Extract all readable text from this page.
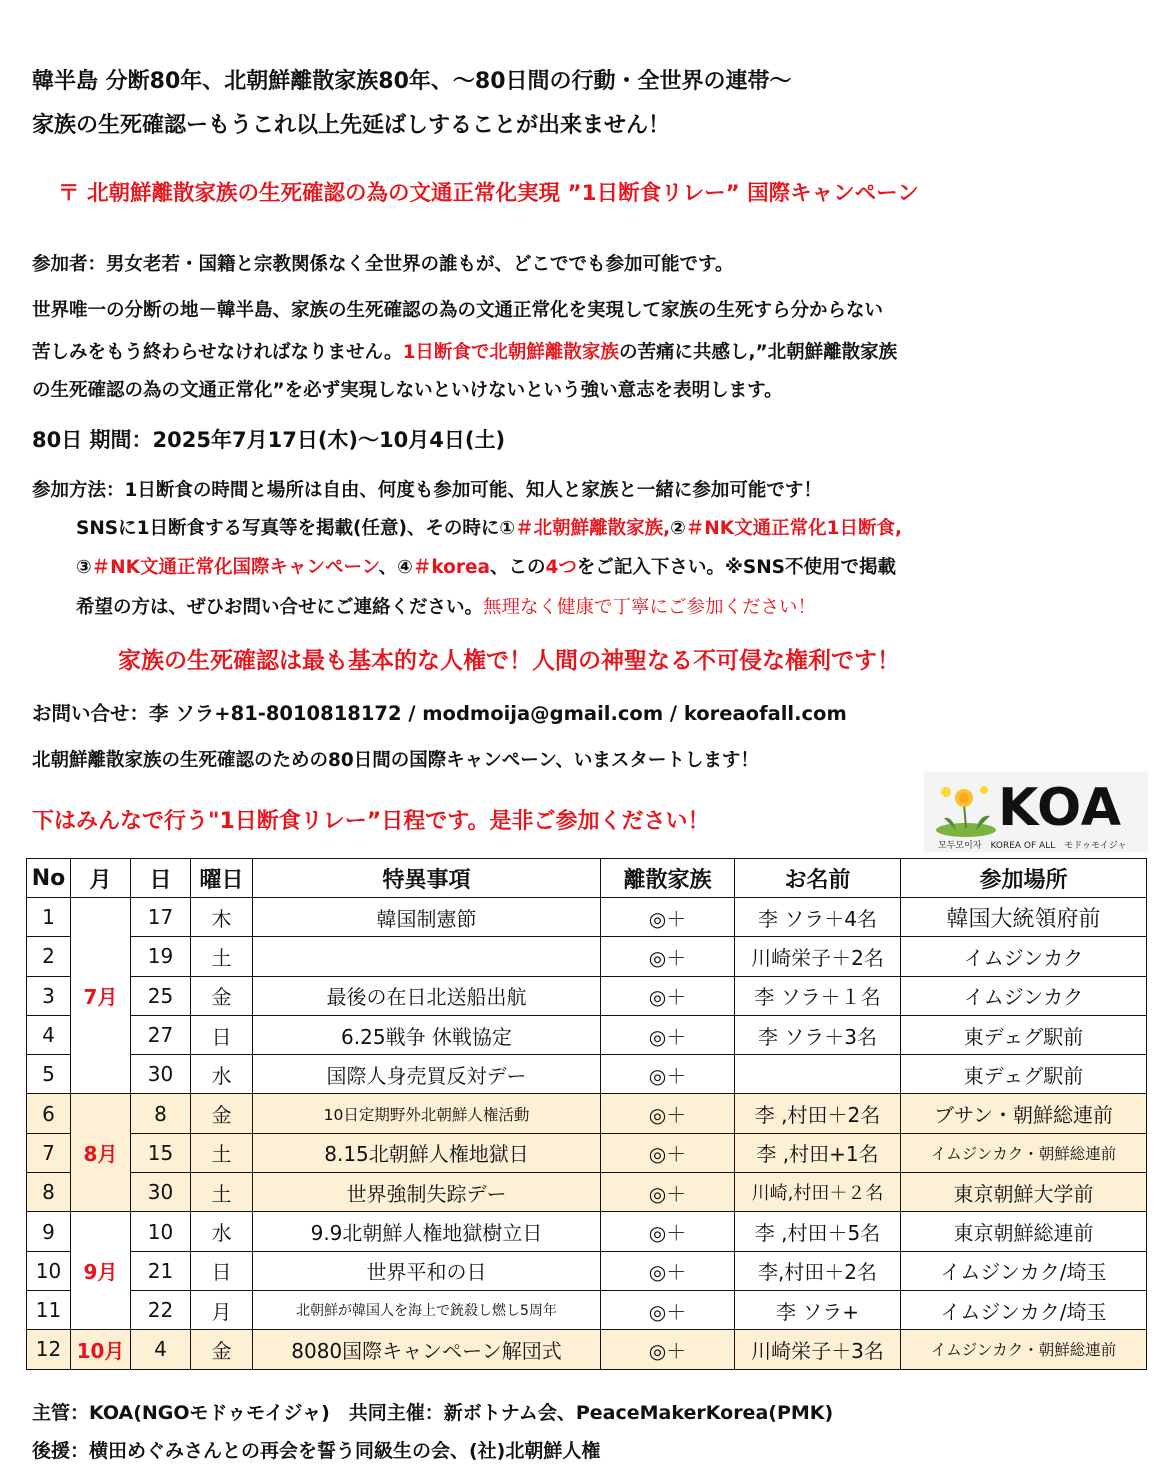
韓半島 分断80年、北朝鮮離散家族80年、～80日間の行動・全世界の連帯～
家族の生死確認ーもうこれ以上先延ばしすることが出来ません！
〒 北朝鮮離散家族の生死確認の為の文通正常化実現 ”1日断食リレー” 国際キャンペーン
参加者：男女老若・国籍と宗教関係なく全世界の誰もが、どこででも参加可能です。
世界唯一の分断の地－韓半島、家族の生死確認の為の文通正常化を実現して家族の生死すら分からない
苦しみをもう終わらせなければなりません。1日断食で北朝鮮離散家族の苦痛に共感し,”北朝鮮離散家族
の生死確認の為の文通正常化”を必ず実現しないといけないという強い意志を表明します。
80日 期間：2025年7月17日(木)～10月4日(土)
参加方法：1日断食の時間と場所は自由、何度も参加可能、知人と家族と一緒に参加可能です！
SNSに1日断食する写真等を掲載(任意)、その時に①＃北朝鮮離散家族,②＃NK文通正常化1日断食,
③＃NK文通正常化国際キャンペーン、④＃korea、この4つをご記入下さい。※SNS不使用で掲載
希望の方は、ぜひお問い合せにご連絡ください。無理なく健康で丁寧にご参加ください！
家族の生死確認は最も基本的な人権で！人間の神聖なる不可侵な権利です！
お問い合せ：李 ソラ+81-8010818172 / modmoija@gmail.com / koreaofall.com
北朝鮮離散家族の生死確認のための80日間の国際キャンペーン、いまスタートします！
下はみんなで行う"1日断食リレー”日程です。是非ご参加ください！	KOA
모두모이자　KOREA OF ALL　モドゥモイジャ
No	月	日	曜日	特異事項	離散家族	お名前	参加場所
1	7月	17	木	韓国制憲節	◎＋	李 ソラ＋4名	韓国大統領府前
2		19	土		◎＋	川崎栄子＋2名	イムジンカク
3		25	金	最後の在日北送船出航	◎＋	李 ソラ＋１名	イムジンカク
4		27	日	6.25戦争 休戦協定	◎＋	李 ソラ＋3名	東デェグ駅前
5		30	水	国際人身売買反対デー	◎＋		東デェグ駅前
6	8月	8	金	10日定期野外北朝鮮人権活動	◎＋	李 ,村田＋2名	ブサン・朝鮮総連前
7		15	土	8.15北朝鮮人権地獄日	◎＋	李 ,村田+1名	イムジンカク・朝鮮総連前
8		30	土	世界強制失踪デー	◎＋	川崎,村田＋２名	東京朝鮮大学前
9	9月	10	水	9.9北朝鮮人権地獄樹立日	◎＋	李 ,村田＋5名	東京朝鮮総連前
10		21	日	世界平和の日	◎＋	李,村田＋2名	イムジンカク/埼玉
11		22	月	北朝鮮が韓国人を海上で銃殺し燃し5周年	◎＋	李 ソラ+	イムジンカク/埼玉
12	10月	4	金	8080国際キャンペーン解団式	◎＋	川崎栄子＋3名	イムジンカク・朝鮮総連前
主管：KOA(NGOモドゥモイジャ)　共同主催：新ボトナム会、PeaceMakerKorea(PMK)
後援：横田めぐみさんとの再会を誓う同級生の会、(社)北朝鮮人権
